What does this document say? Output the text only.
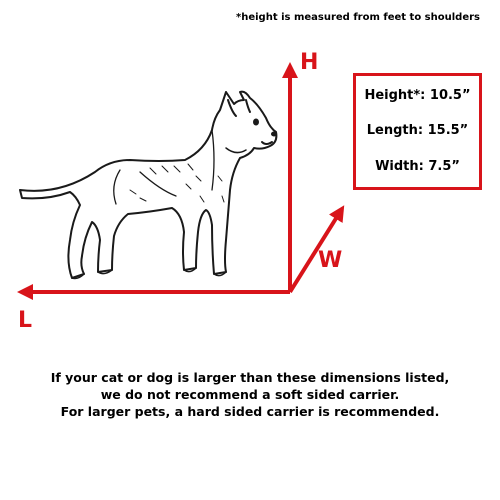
*height is measured from feet to shoulders
H
W
L
Height*: 10.5”
Length: 15.5”
Width: 7.5”
If your cat or dog is larger than these dimensions listed,
we do not recommend a soft sided carrier.
For larger pets, a hard sided carrier is recommended.
